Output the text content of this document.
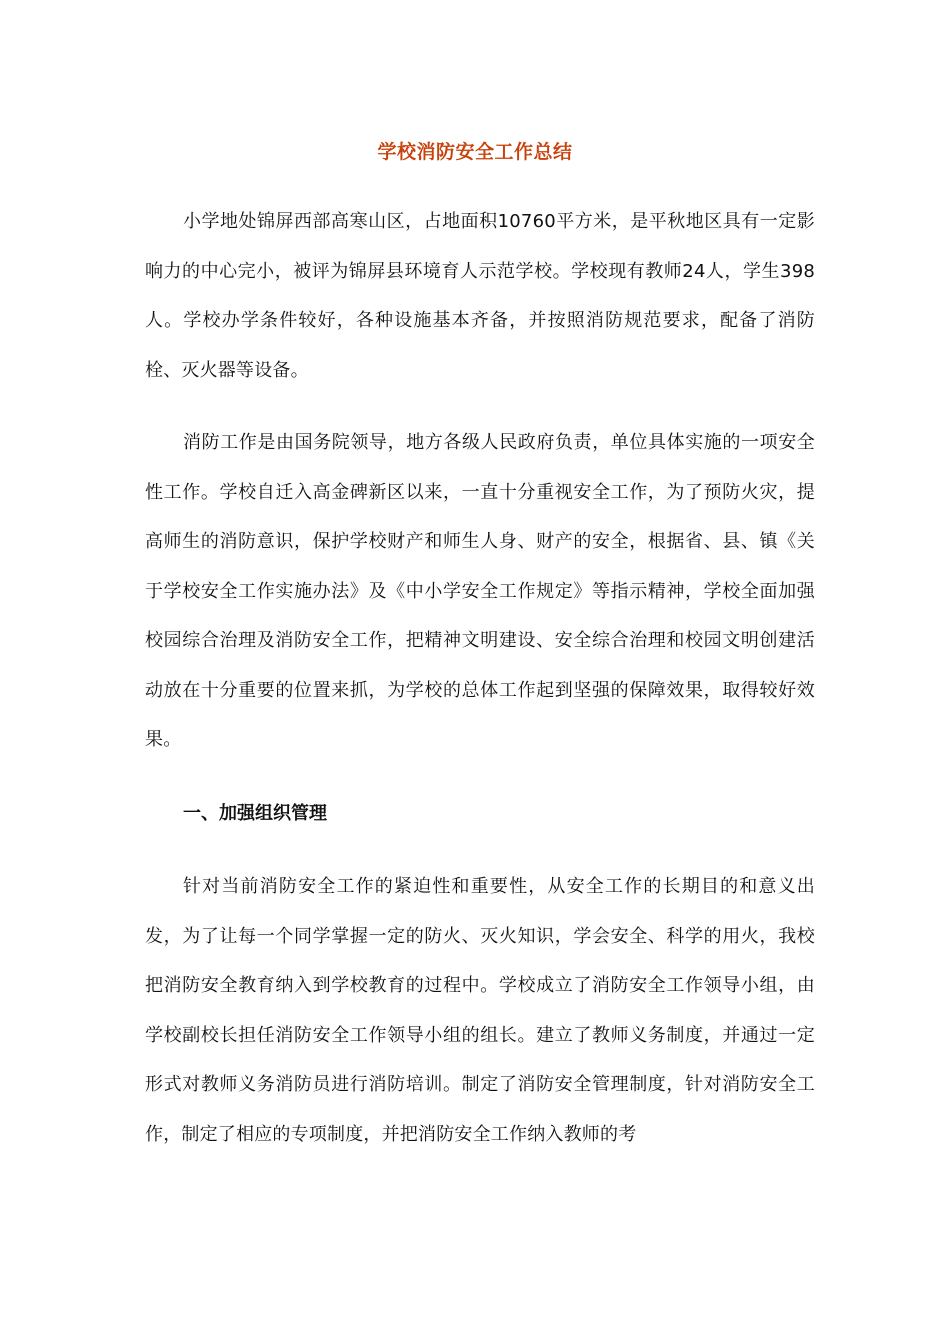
学校消防安全工作总结

小学地处锦屏西部高寒山区，占地面积10760平方米，是平秋地区具有一定影响力的中心完小，被评为锦屏县环境育人示范学校。学校现有教师24人，学生398人。学校办学条件较好，各种设施基本齐备，并按照消防规范要求，配备了消防栓、灭火器等设备。

消防工作是由国务院领导，地方各级人民政府负责，单位具体实施的一项安全性工作。学校自迁入高金碑新区以来，一直十分重视安全工作，为了预防火灾，提高师生的消防意识，保护学校财产和师生人身、财产的安全，根据省、县、镇《关于学校安全工作实施办法》及《中小学安全工作规定》等指示精神，学校全面加强校园综合治理及消防安全工作，把精神文明建设、安全综合治理和校园文明创建活动放在十分重要的位置来抓，为学校的总体工作起到坚强的保障效果，取得较好效果。

一、加强组织管理

针对当前消防安全工作的紧迫性和重要性，从安全工作的长期目的和意义出发，为了让每一个同学掌握一定的防火、灭火知识，学会安全、科学的用火，我校把消防安全教育纳入到学校教育的过程中。学校成立了消防安全工作领导小组，由学校副校长担任消防安全工作领导小组的组长。建立了教师义务制度，并通过一定形式对教师义务消防员进行消防培训。制定了消防安全管理制度，针对消防安全工作，制定了相应的专项制度，并把消防安全工作纳入教师的考
